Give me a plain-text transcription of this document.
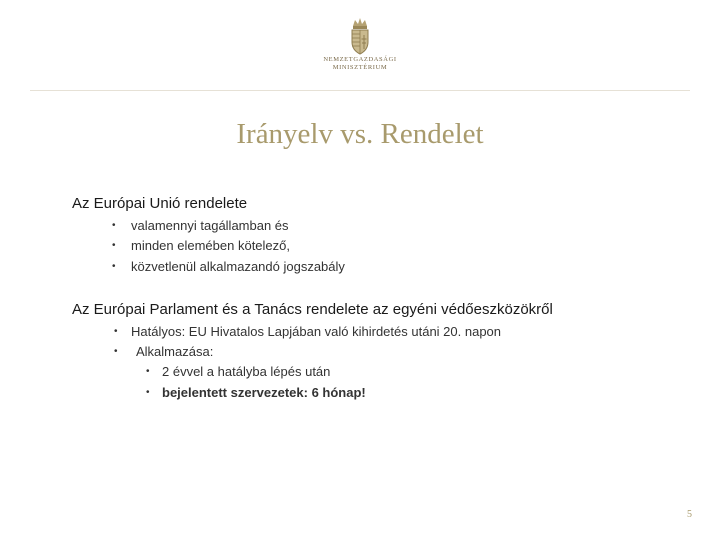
NEMZETGAZDASÁGI
MINISZTÉRIUM
Irányelv vs. Rendelet
Az Európai Unió rendelete
• valamennyi tagállamban és
• minden elemében kötelező,
• közvetlenül alkalmazandó jogszabály
Az Európai Parlament és a Tanács rendelete az egyéni védőeszközökről
• Hatályos: EU Hivatalos Lapjában való kihirdetés utáni 20. napon
• Alkalmazása:
• 2 évvel a hatályba lépés után
• bejelentett szervezetek: 6 hónap!
5
